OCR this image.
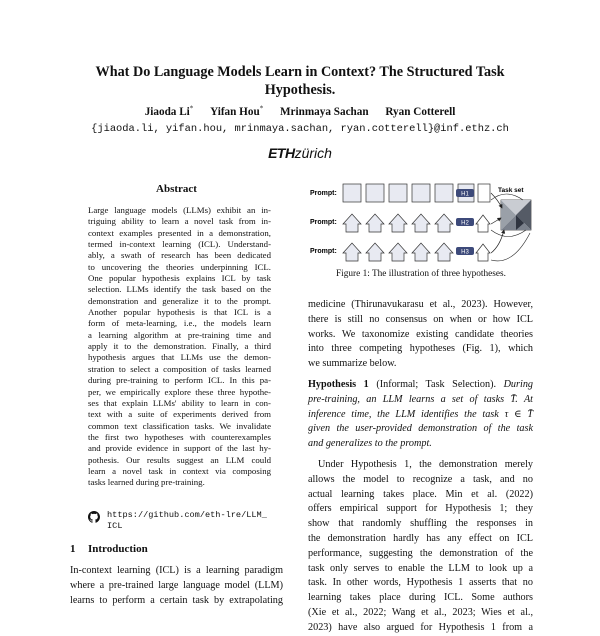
What Do Language Models Learn in Context? The Structured Task
Hypothesis.
Jiaoda Li* Yifan Hou* Mrinmaya Sachan Ryan Cotterell
{jiaoda.li, yifan.hou, mrinmaya.sachan, ryan.cotterell}@inf.ethz.ch
ETHzürich
Abstract
Large language models (LLMs) exhibit an in-
triguing ability to learn a novel task from in-
context examples presented in a demonstration,
termed in-context learning (ICL). Understand-
ably, a swath of research has been dedicated
to uncovering the theories underpinning ICL.
One popular hypothesis explains ICL by task
selection. LLMs identify the task based on the
demonstration and generalize it to the prompt.
Another popular hypothesis is that ICL is a
form of meta-learning, i.e., the models learn
a learning algorithm at pre-training time and
apply it to the demonstration. Finally, a third
hypothesis argues that LLMs use the demon-
stration to select a composition of tasks learned
during pre-training to perform ICL. In this pa-
per, we empirically explore these three hypothe-
ses that explain LLMs' ability to learn in con-
text with a suite of experiments derived from
common text classification tasks. We invalidate
the first two hypotheses with counterexamples
and provide evidence in support of the last hy-
pothesis. Our results suggest an LLM could
learn a novel task in context via composing
tasks learned during pre-training.
https://github.com/eth-lre/LLM_
ICL
1 Introduction
In-context learning (ICL) is a learning paradigm
where a pre-trained large language model (LLM)
learns to perform a certain task by extrapolating
Prompt:
Prompt:
Prompt:
H1
H2
H3
Task set
Figure 1: The illustration of three hypotheses.
medicine (Thirunavukarasu et al., 2023). However,
there is still no consensus on when or how ICL
works. We taxonomize existing candidate theories
into three competing hypotheses (Fig. 1), which
we summarize below.
Hypothesis 1 (Informal; Task Selection). During
pre-training, an LLM learns a set of tasks T̄. At
inference time, the LLM identifies the task τ ∈ T̄
given the user-provided demonstration of the task
and generalizes to the prompt.
Under Hypothesis 1, the demonstration merely
allows the model to recognize a task, and no
actual learning takes place. Min et al. (2022)
offers empirical support for Hypothesis 1; they
show that randomly shuffling the responses in
the demonstration hardly has any effect on ICL
performance, suggesting the demonstration of the
task only serves to enable the LLM to look up a
task. In other words, Hypothesis 1 asserts that no
learning takes place during ICL. Some authors
(Xie et al., 2022; Wang et al., 2023; Wies et al.,
2023) have also argued for Hypothesis 1 from a
